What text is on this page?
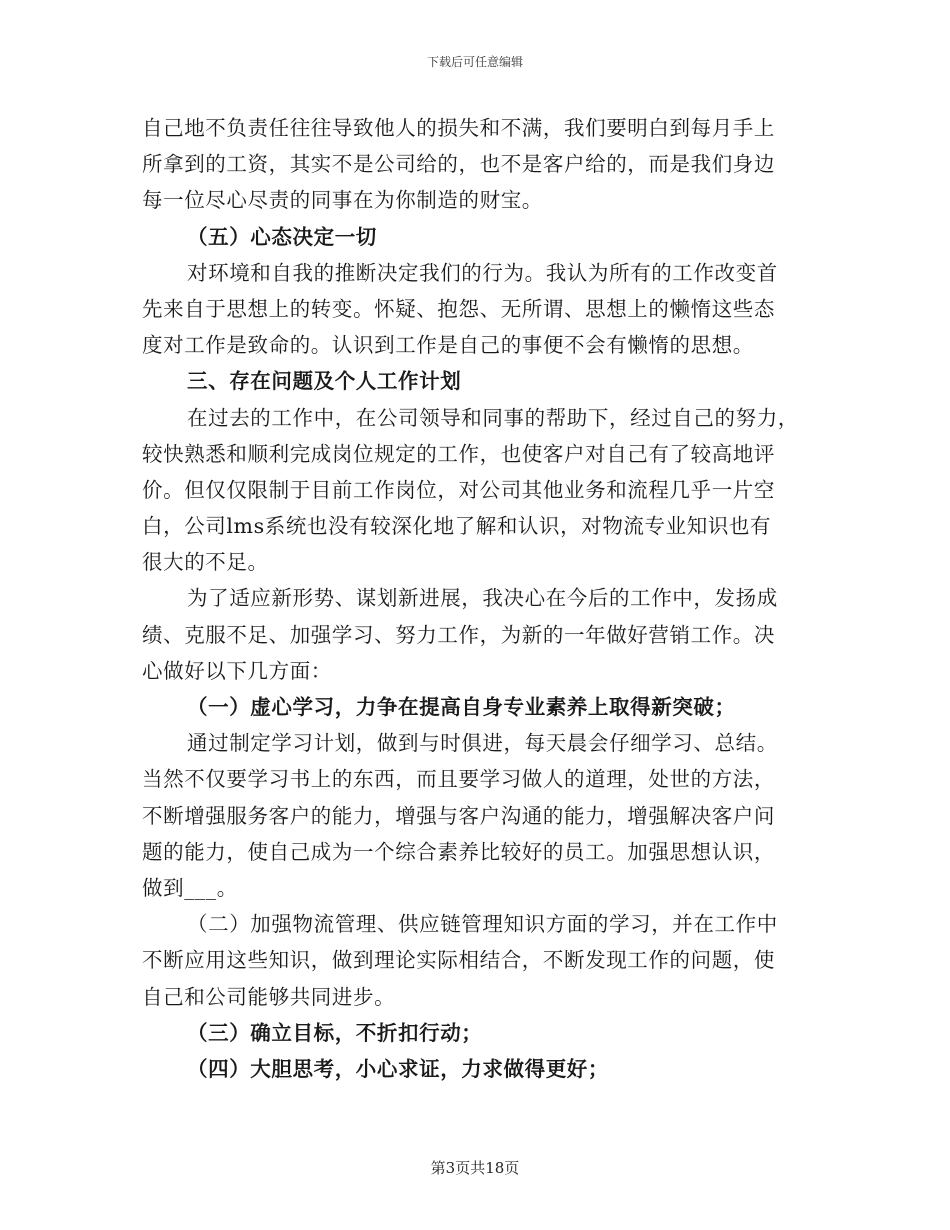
下载后可任意编辑
自己地不负责任往往导致他人的损失和不满，我们要明白到每月手上
所拿到的工资，其实不是公司给的，也不是客户给的，而是我们身边
每一位尽心尽责的同事在为你制造的财宝。
（五）心态决定一切
对环境和自我的推断决定我们的行为。我认为所有的工作改变首
先来自于思想上的转变。怀疑、抱怨、无所谓、思想上的懒惰这些态
度对工作是致命的。认识到工作是自己的事便不会有懒惰的思想。
三、存在问题及个人工作计划
在过去的工作中，在公司领导和同事的帮助下，经过自己的努力，
较快熟悉和顺利完成岗位规定的工作，也使客户对自己有了较高地评
价。但仅仅限制于目前工作岗位，对公司其他业务和流程几乎一片空
白，公司lms系统也没有较深化地了解和认识，对物流专业知识也有
很大的不足。
为了适应新形势、谋划新进展，我决心在今后的工作中，发扬成
绩、克服不足、加强学习、努力工作，为新的一年做好营销工作。决
心做好以下几方面：
（一）虚心学习，力争在提高自身专业素养上取得新突破；
通过制定学习计划，做到与时俱进，每天晨会仔细学习、总结。
当然不仅要学习书上的东西，而且要学习做人的道理，处世的方法，
不断增强服务客户的能力，增强与客户沟通的能力，增强解决客户问
题的能力，使自己成为一个综合素养比较好的员工。加强思想认识，
做到___。
（二）加强物流管理、供应链管理知识方面的学习，并在工作中
不断应用这些知识，做到理论实际相结合，不断发现工作的问题，使
自己和公司能够共同进步。
（三）确立目标，不折扣行动；
（四）大胆思考，小心求证，力求做得更好；
第3页共18页
